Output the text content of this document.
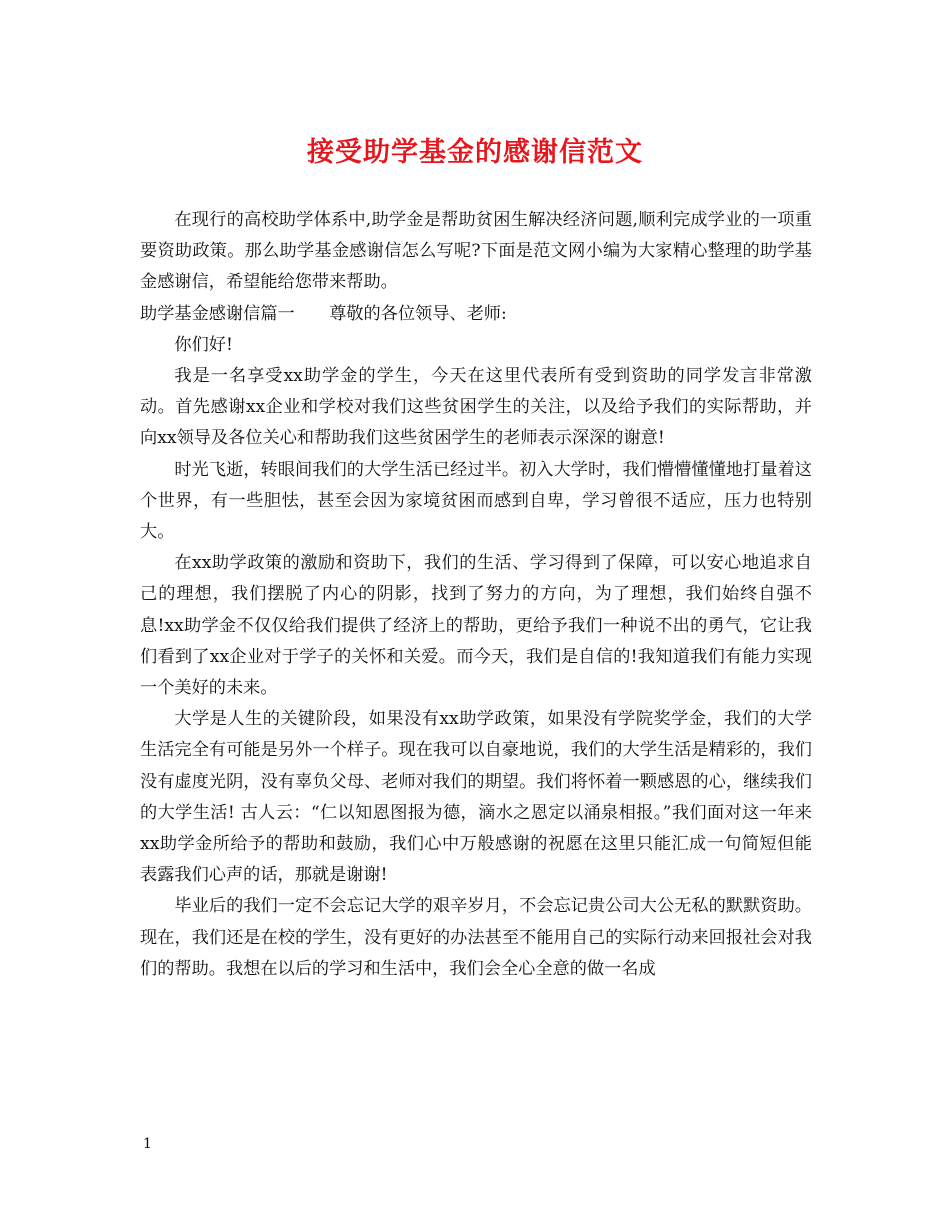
接受助学基金的感谢信范文

在现行的高校助学体系中,助学金是帮助贫困生解决经济问题,顺利完成学业的一项重要资助政策。那么助学基金感谢信怎么写呢?下面是范文网小编为大家精心整理的助学基金感谢信，希望能给您带来帮助。

助学基金感谢信篇一　　尊敬的各位领导、老师:

你们好!

我是一名享受xx助学金的学生，今天在这里代表所有受到资助的同学发言非常激动。首先感谢xx企业和学校对我们这些贫困学生的关注，以及给予我们的实际帮助，并向xx领导及各位关心和帮助我们这些贫困学生的老师表示深深的谢意!

时光飞逝，转眼间我们的大学生活已经过半。初入大学时，我们懵懵懂懂地打量着这个世界，有一些胆怯，甚至会因为家境贫困而感到自卑，学习曾很不适应，压力也特别大。

在xx助学政策的激励和资助下，我们的生活、学习得到了保障，可以安心地追求自己的理想，我们摆脱了内心的阴影，找到了努力的方向，为了理想，我们始终自强不息!xx助学金不仅仅给我们提供了经济上的帮助，更给予我们一种说不出的勇气，它让我们看到了xx企业对于学子的关怀和关爱。而今天，我们是自信的!我知道我们有能力实现一个美好的未来。

大学是人生的关键阶段，如果没有xx助学政策，如果没有学院奖学金，我们的大学生活完全有可能是另外一个样子。现在我可以自豪地说，我们的大学生活是精彩的，我们没有虚度光阴，没有辜负父母、老师对我们的期望。我们将怀着一颗感恩的心，继续我们的大学生活! 古人云：“仁以知恩图报为德，滴水之恩定以涌泉相报。”我们面对这一年来xx助学金所给予的帮助和鼓励，我们心中万般感谢的祝愿在这里只能汇成一句简短但能表露我们心声的话，那就是谢谢!

毕业后的我们一定不会忘记大学的艰辛岁月，不会忘记贵公司大公无私的默默资助。现在，我们还是在校的学生，没有更好的办法甚至不能用自己的实际行动来回报社会对我们的帮助。我想在以后的学习和生活中，我们会全心全意的做一名成

1
